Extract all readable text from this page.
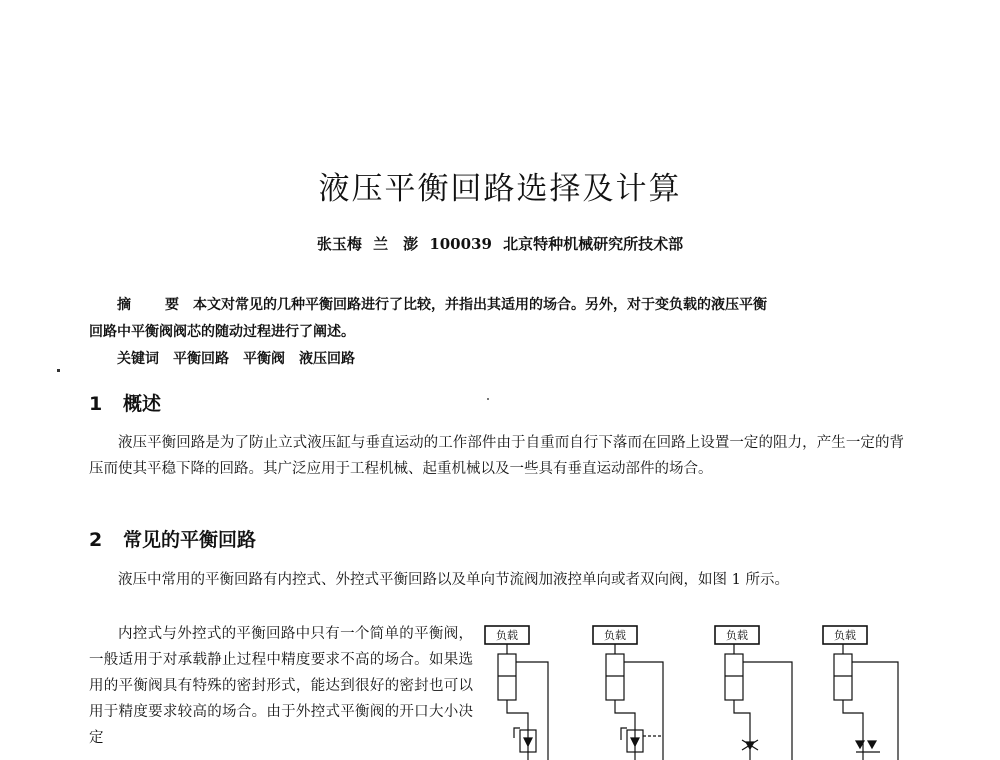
液压平衡回路选择及计算
张玉梅 兰　澎 100039 北京特种机械研究所技术部

摘　要 本文对常见的几种平衡回路进行了比较，并指出其适用的场合。另外，对于变负载的液压平衡

回路中平衡阀阀芯的随动过程进行了阐述。

关键词 平衡回路 平衡阀 液压回路

1 概述

液压平衡回路是为了防止立式液压缸与垂直运动的工作部件由于自重而自行下落而在回路上设置一定的阻力，产生一定的背压而使其平稳下降的回路。其广泛应用于工程机械、起重机械以及一些具有垂直运动部件的场合。

2 常见的平衡回路

液压中常用的平衡回路有内控式、外控式平衡回路以及单向节流阀加液控单向或者双向阀，如图 1 所示。

内控式与外控式的平衡回路中只有一个简单的平衡阀，一般适用于对承载静止过程中精度要求不高的场合。如果选用的平衡阀具有特殊的密封形式，能达到很好的密封也可以用于精度要求较高的场合。由于外控式平衡阀的开口大小决定

负载	负载	负载	负载
